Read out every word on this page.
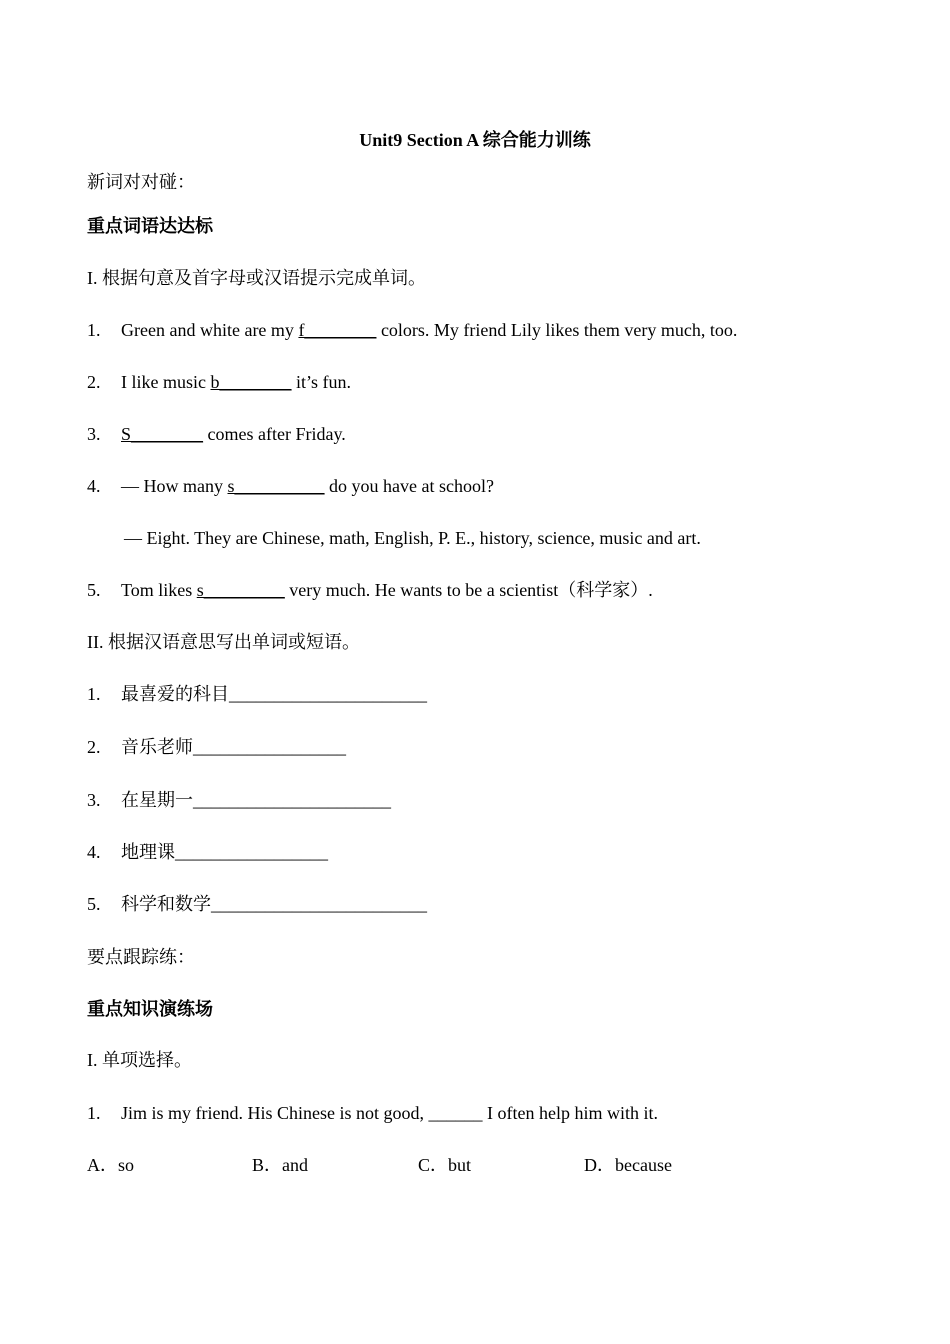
Unit9 Section A 综合能力训练
新词对对碰：
重点词语达达标
I. 根据句意及首字母或汉语提示完成单词。
1. Green and white are my f________ colors. My friend Lily likes them very much, too.
2. I like music b________ it’s fun.
3. S________ comes after Friday.
4. — How many s__________ do you have at school?
— Eight. They are Chinese, math, English, P. E., history, science, music and art.
5. Tom likes s_________ very much. He wants to be a scientist（科学家）.
II. 根据汉语意思写出单词或短语。
1. 最喜爱的科目______________________
2. 音乐老师_________________
3. 在星期一______________________
4. 地理课_________________
5. 科学和数学________________________
要点跟踪练：
重点知识演练场
I. 单项选择。
1. Jim is my friend. His Chinese is not good, ______ I often help him with it.
A．so	B．and	C．but	D．because
